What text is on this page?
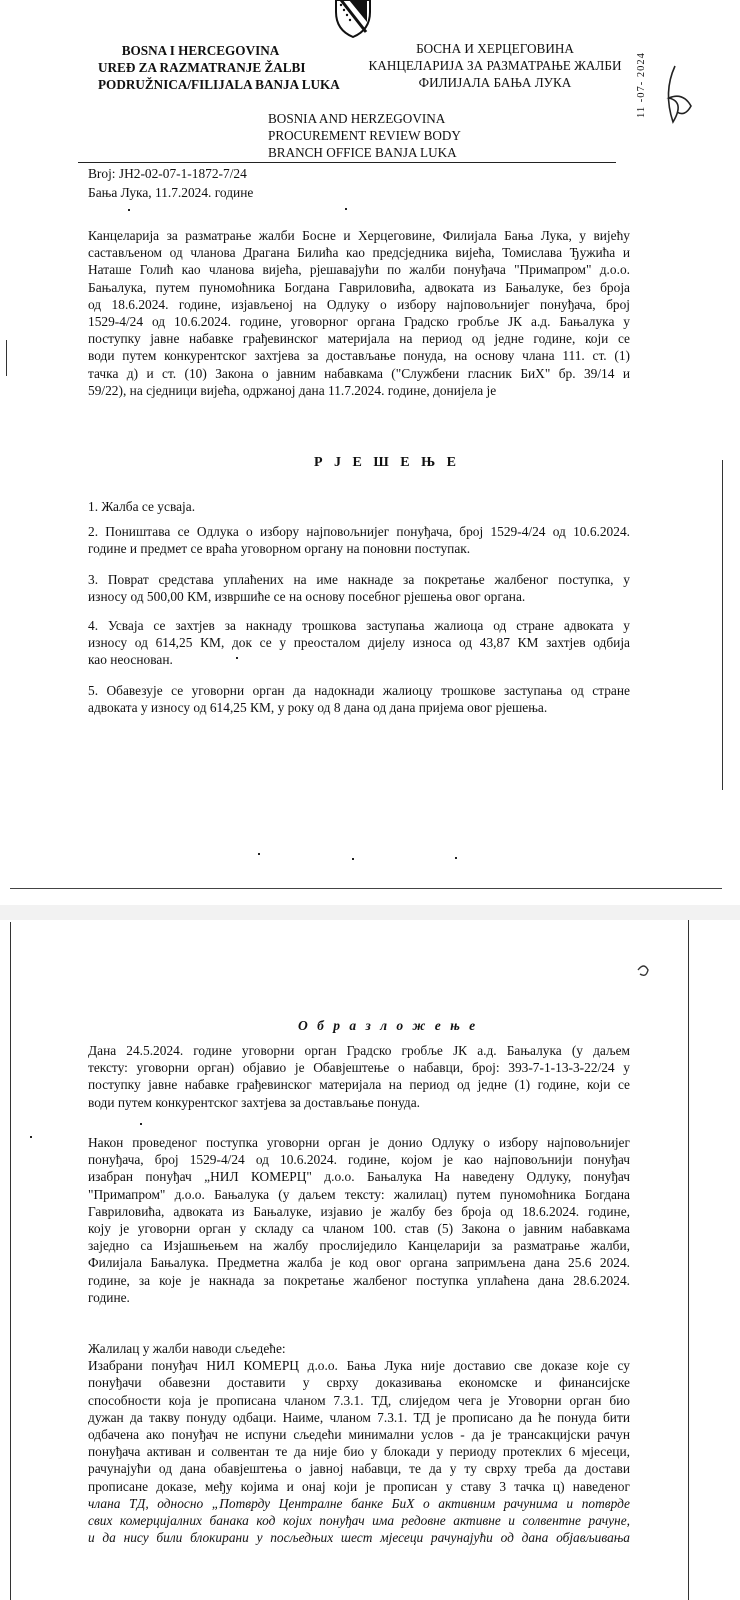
BOSNA I HERCEGOVINA
UREĐ ZA RAZMATRANJE ŽALBI
PODRUŽNICA/FILIJALA BANJA LUKA
БОСНА И ХЕРЦЕГОВИНА
КАНЦЕЛАРИЈА ЗА РАЗМАТРАЊЕ ЖАЛБИ
ФИЛИЈАЛА БАЊА ЛУКА
BOSNIA AND HERZEGOVINA
PROCUREMENT REVIEW BODY
BRANCH OFFICE BANJA LUKA
11 -07- 2024
Broj: JH2-02-07-1-1872-7/24
Бања Лука, 11.7.2024. године
Канцеларија за разматрање жалби Босне и Херцеговине, Филијала Бања Лука, у вијећу
састављеном од чланова Драгана Билића као предсједника вијећа, Томислава Ђужића и
Наташе Голић као чланова вијећа, рјешавајући по жалби понуђача "Примапром" д.о.о.
Бањалука, путем пуномоћника Богдана Гавриловића, адвоката из Бањалуке, без броја
од 18.6.2024. године, изјављеној на Одлуку о избору најповољнијег понуђача, број
1529-4/24 од 10.6.2024. године, уговорног органа Градско гробље ЈК а.д. Бањалука у
поступку јавне набавке грађевинског материјала на период од једне године, који се
води путем конкурентског захтјева за достављање понуда, на основу члана 111. ст. (1)
тачка д) и ст. (10) Закона о јавним набавкама ("Службени гласник БиХ" бр. 39/14 и
59/22), на сједници вијећа, одржаној дана 11.7.2024. године, донијела је
Р Ј Е Ш Е Њ Е
1. Жалба се усваја.
2. Поништава се Одлука о избору најповољнијег понуђача, број 1529-4/24 од 10.6.2024.
године и предмет се враћа уговорном органу на поновни поступак.
3. Поврат средстава уплаћених на име накнаде за покретање жалбеног поступка, у
износу од 500,00 КМ, извршиће се на основу посебног рјешења овог органа.
4. Усваја се захтјев за накнаду трошкова заступања жалиоца од стране адвоката у
износу од 614,25 КМ, док се у преосталом дијелу износа од 43,87 КМ захтјев одбија
као неоснован.
5. Обавезује се уговорни орган да надокнади жалиоцу трошкове заступања од стране
адвоката у износу од 614,25 КМ, у року од 8 дана од дана пријема овог рјешења.
О б р а з л о ж е њ е
Дана 24.5.2024. године уговорни орган Градско гробље ЈК а.д. Бањалука (у даљем
тексту: уговорни орган) објавио је Обавјештење о набавци, број: 393-7-1-13-3-22/24 у
поступку јавне набавке грађевинског материјала на период од једне (1) године, који се
води путем конкурентског захтјева за достављање понуда.
Након проведеног поступка уговорни орган је донио Одлуку о избору најповољнијег
понуђача, број 1529-4/24 од 10.6.2024. године, којом је као најповољнији понуђач
изабран понуђач „НИЛ КОМЕРЦ" д.о.о. Бањалука На наведену Одлуку, понуђач
"Примапром" д.о.о. Бањалука (у даљем тексту: жалилац) путем пуномоћника Богдана
Гавриловића, адвоката из Бањалуке, изјавио је жалбу без броја од 18.6.2024. године,
коју је уговорни орган у складу са чланом 100. став (5) Закона о јавним набавкама
заједно са Изјашњењем на жалбу прослиједило Канцеларији за разматрање жалби,
Филијала Бањалука. Предметна жалба је код овог органа запримљена дана 25.6 2024.
године, за које је накнада за покретање жалбеног поступка уплаћена дана 28.6.2024.
године.
Жалилац у жалби наводи сљедеће:
Изабрани понуђач НИЛ КОМЕРЦ д.о.о. Бања Лука није доставио све доказе које су
понуђачи обавезни доставити у сврху доказивања економске и финансијске
способности која је прописана чланом 7.3.1. ТД, слиједом чега је Уговорни орган био
дужан да такву понуду одбаци. Наиме, чланом 7.3.1. ТД је прописано да ће понуда бити
одбачена ако понуђач не испуни сљедећи минимални услов - да је трансакцијски рачун
понуђача активан и солвентан те да није био у блокади у периоду протеклих 6 мјесеци,
рачунајући од дана обавјештења о јавној набавци, те да у ту сврху треба да достави
прописане доказе, међу којима и онај који је прописан у ставу 3 тачка ц) наведеног
члана ТД, односно „Потврду Централне банке БиХ о активним рачунима и потврде
свих комерцијалних банака код којих понуђач има редовне активне и солвентне рачуне,
и да нису били блокирани у посљедњих шест мјесеци рачунајући од дана објављивања
